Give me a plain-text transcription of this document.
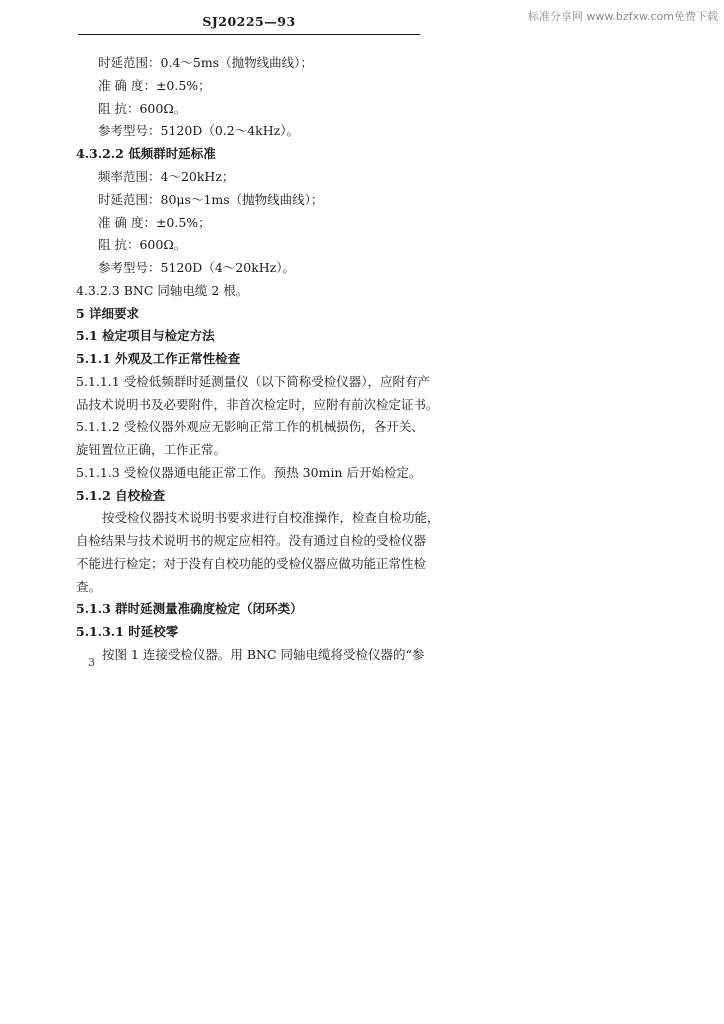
标准分享网 www.bzfxw.com免费下载
SJ20225—93
时延范围：0.4～5ms（抛物线曲线）；
准 确 度：±0.5%；
阻 抗：600Ω。
参考型号：5120D（0.2～4kHz）。
4.3.2.2 低频群时延标准
频率范围：4～20kHz；
时延范围：80μs～1ms（抛物线曲线）；
准 确 度：±0.5%；
阻 抗：600Ω。
参考型号：5120D（4～20kHz）。
4.3.2.3 BNC 同轴电缆 2 根。
5 详细要求
5.1 检定项目与检定方法
5.1.1 外观及工作正常性检查
5.1.1.1 受检低频群时延测量仪（以下简称受检仪器），应附有产
品技术说明书及必要附件，非首次检定时，应附有前次检定证书。
5.1.1.2 受检仪器外观应无影响正常工作的机械损伤，各开关、
旋钮置位正确，工作正常。
5.1.1.3 受检仪器通电能正常工作。预热 30min 后开始检定。
5.1.2 自校检查
按受检仪器技术说明书要求进行自校准操作，检查自检功能，
自检结果与技术说明书的规定应相符。没有通过自检的受检仪器
不能进行检定；对于没有自校功能的受检仪器应做功能正常性检
查。
5.1.3 群时延测量准确度检定（闭环类）
5.1.3.1 时延校零
按图 1 连接受检仪器。用 BNC 同轴电缆将受检仪器的“参
3
